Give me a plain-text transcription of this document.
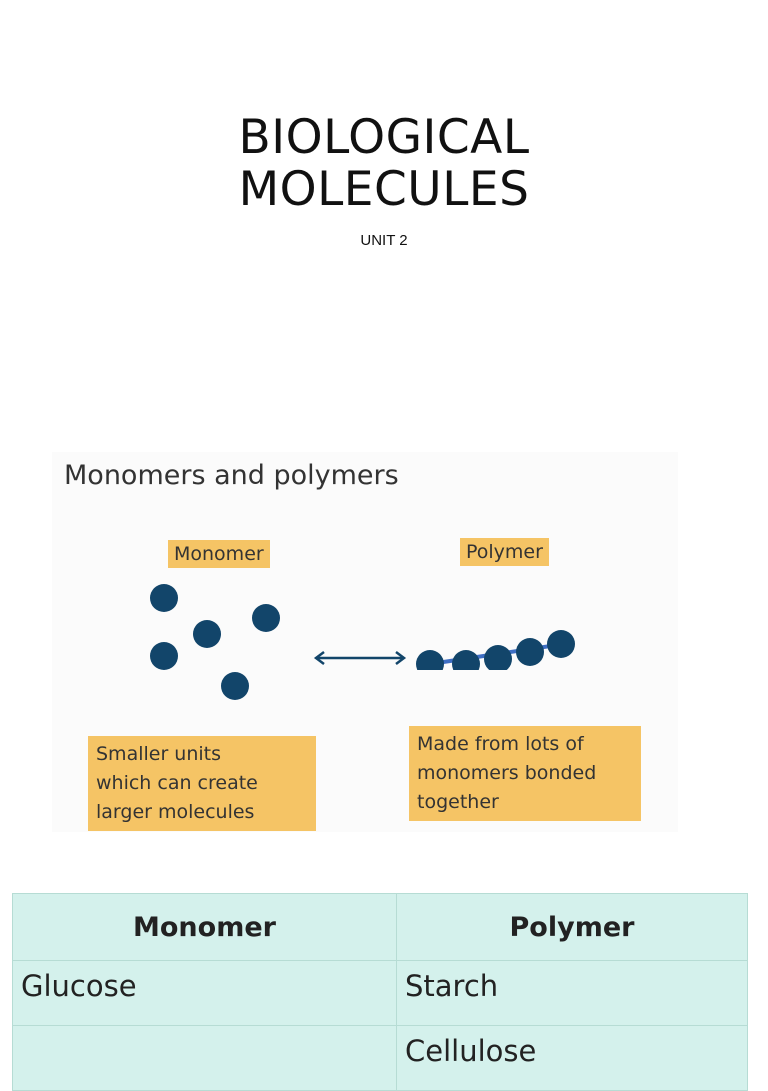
BIOLOGICAL
MOLECULES
UNIT 2
Monomers and polymers
Monomer	Polymer
Smaller units
which can create
larger molecules
Made from lots of
monomers bonded
together
Monomer	Polymer
Glucose	Starch
	Cellulose
